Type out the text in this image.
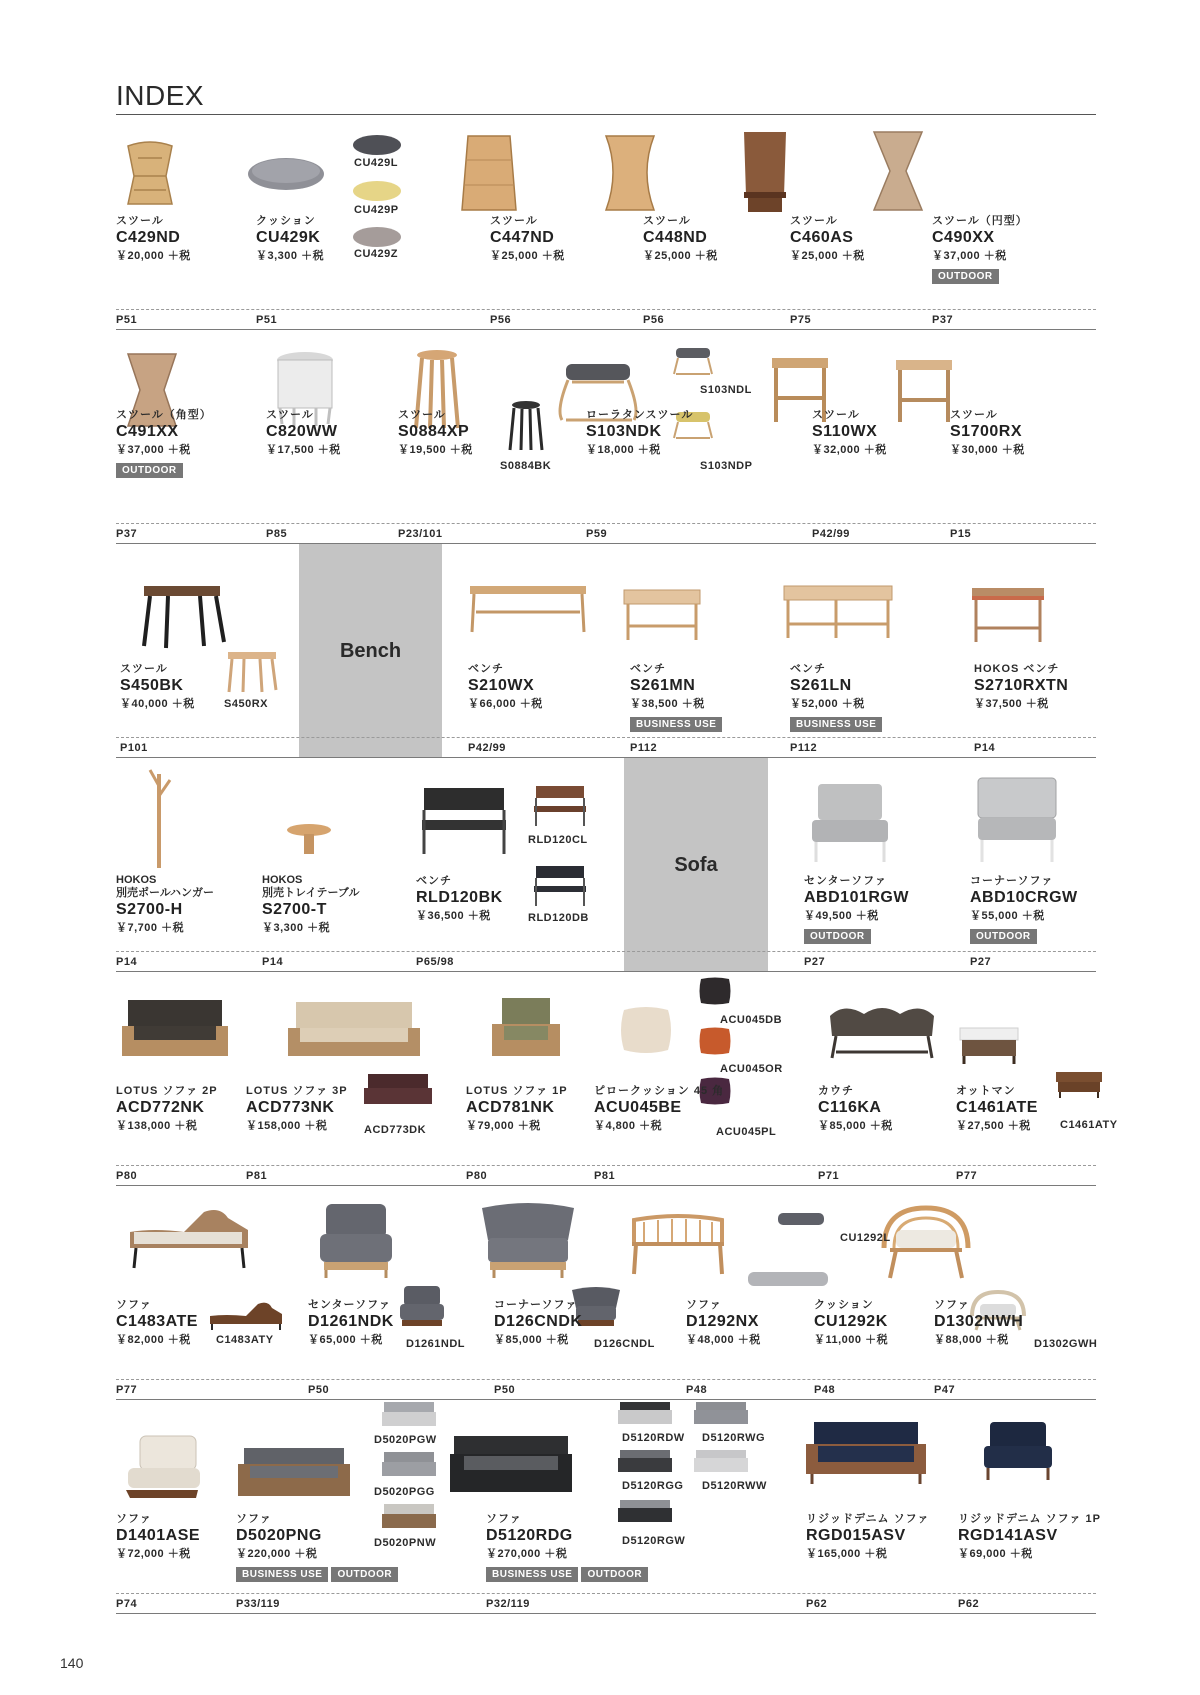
INDEX
スツール
C429ND
￥20,000 ＋税
クッション
CU429K
￥3,300 ＋税
CU429L
CU429P
CU429Z
スツール
C447ND
￥25,000 ＋税
スツール
C448ND
￥25,000 ＋税
スツール
C460AS
￥25,000 ＋税
スツール（円型）
C490XX
￥37,000 ＋税
OUTDOOR
P51	P51	P56	P56	P75	P37
スツール（角型）
C491XX
￥37,000 ＋税
OUTDOOR
スツール
C820WW
￥17,500 ＋税
スツール
S0884XP
￥19,500 ＋税
S0884BK
ローラタンスツール
S103NDK
￥18,000 ＋税
S103NDL
S103NDP
スツール
S110WX
￥32,000 ＋税
スツール
S1700RX
￥30,000 ＋税
P37	P85	P23/101	P59	P42/99	P15
Bench
スツール
S450BK
￥40,000 ＋税	S450RX
ベンチ
S210WX
￥66,000 ＋税
ベンチ
S261MN
￥38,500 ＋税
BUSINESS USE
ベンチ
S261LN
￥52,000 ＋税
BUSINESS USE
HOKOS ベンチ
S2710RXTN
￥37,500 ＋税
P101	P42/99	P112	P112	P14
Sofa
HOKOS
別売ポールハンガー
S2700-H
￥7,700 ＋税
HOKOS
別売トレイテーブル
S2700-T
￥3,300 ＋税
ベンチ
RLD120BK
￥36,500 ＋税
RLD120CL
RLD120DB
センターソファ
ABD101RGW
￥49,500 ＋税
OUTDOOR
コーナーソファ
ABD10CRGW
￥55,000 ＋税
OUTDOOR
P14	P14	P65/98	P27	P27
LOTUS ソファ 2P
ACD772NK
￥138,000 ＋税
LOTUS ソファ 3P
ACD773NK
￥158,000 ＋税	ACD773DK
LOTUS ソファ 1P
ACD781NK
￥79,000 ＋税
ピロークッション 45 角
ACU045BE
￥4,800 ＋税
ACU045DB
ACU045OR
ACU045PL
カウチ
C116KA
￥85,000 ＋税
オットマン
C1461ATE
￥27,500 ＋税	C1461ATY
P80	P81	P80	P81	P71	P77
ソファ
C1483ATE
￥82,000 ＋税	C1483ATY
センターソファ
D1261NDK
￥65,000 ＋税	D1261NDL
コーナーソファ
D126CNDK
￥85,000 ＋税	D126CNDL
ソファ
D1292NX
￥48,000 ＋税
クッション
CU1292K
￥11,000 ＋税
CU1292L
ソファ
D1302NWH
￥88,000 ＋税	D1302GWH
P77	P50	P50	P48	P48	P47
ソファ
D1401ASE
￥72,000 ＋税
ソファ
D5020PNG
￥220,000 ＋税
BUSINESS USE OUTDOOR
D5020PGW
D5020PGG
D5020PNW
ソファ
D5120RDG
￥270,000 ＋税
BUSINESS USE OUTDOOR
D5120RDW D5120RWG
D5120RGG D5120RWW
D5120RGW
リジッドデニム ソファ
RGD015ASV
￥165,000 ＋税
リジッドデニム ソファ 1P
RGD141ASV
￥69,000 ＋税
P74	P33/119	P32/119	P62	P62
140
